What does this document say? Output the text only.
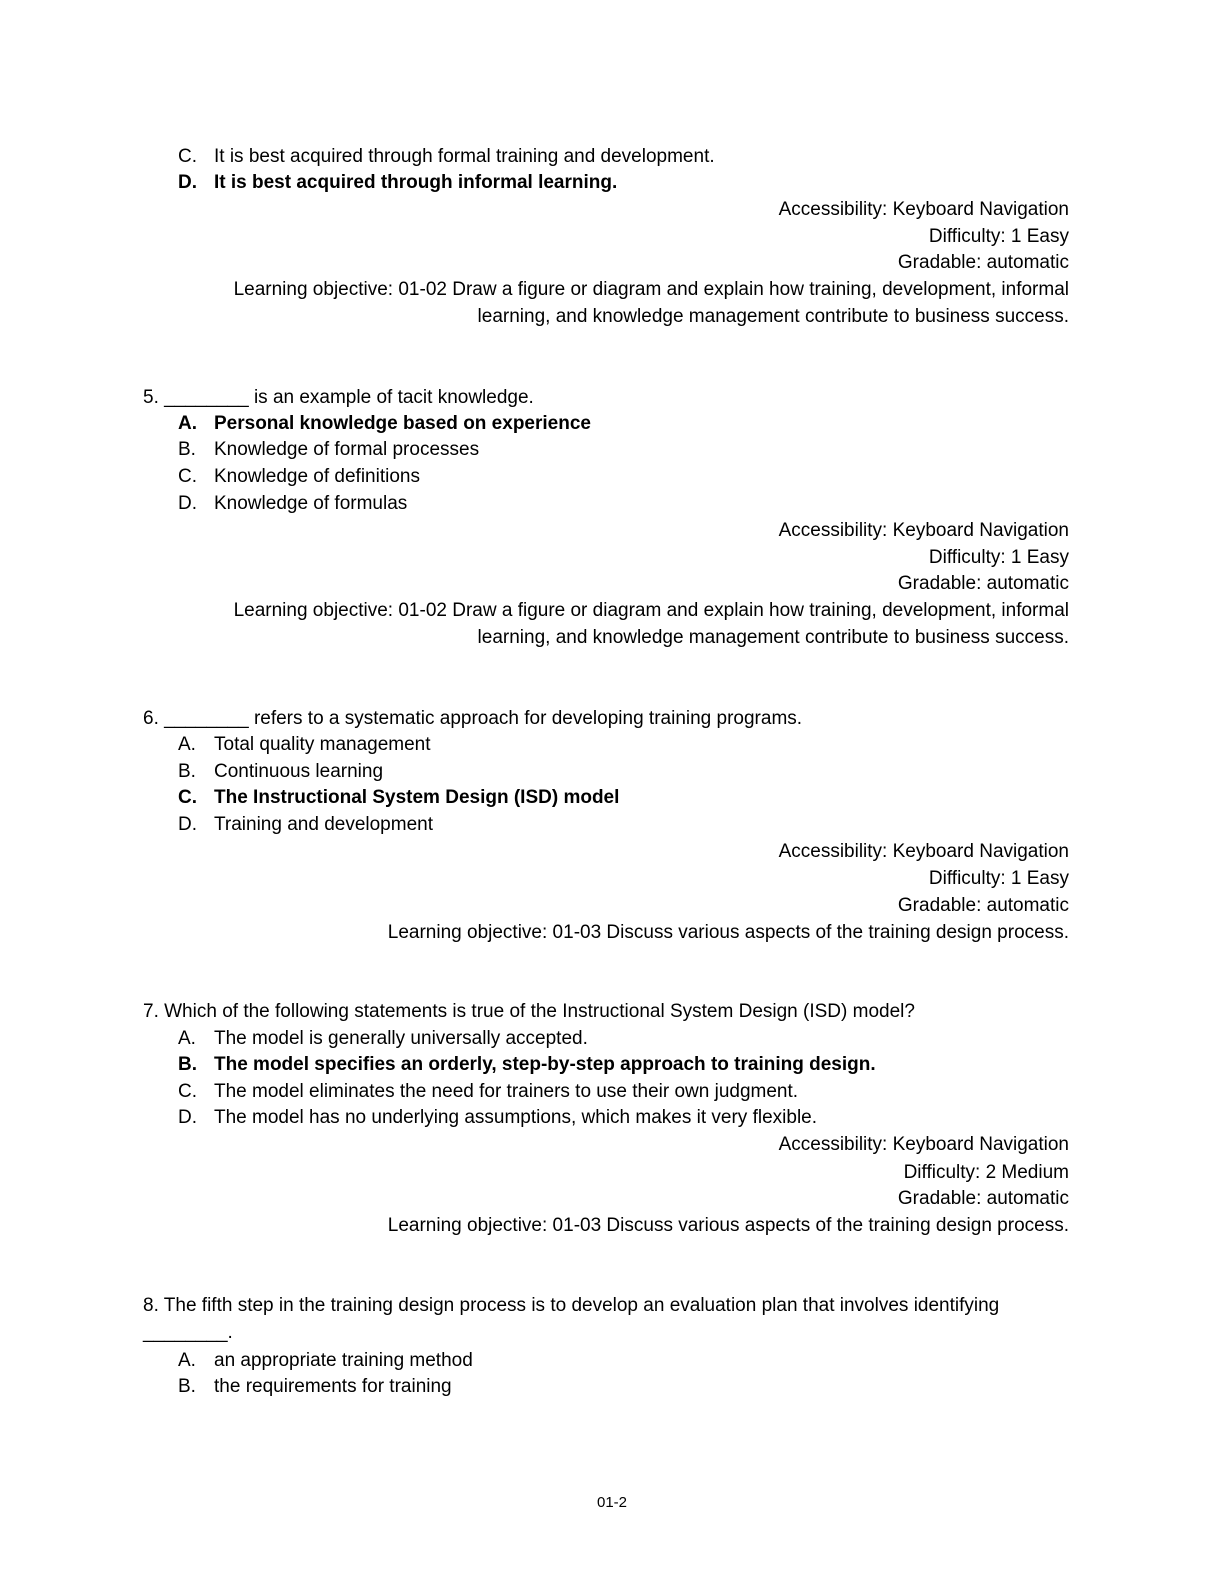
C. It is best acquired through formal training and development.
D. It is best acquired through informal learning.
Accessibility: Keyboard Navigation
Difficulty: 1 Easy
Gradable: automatic
Learning objective: 01-02 Draw a figure or diagram and explain how training, development, informal
learning, and knowledge management contribute to business success.
5. ________ is an example of tacit knowledge.
A. Personal knowledge based on experience
B. Knowledge of formal processes
C. Knowledge of definitions
D. Knowledge of formulas
Accessibility: Keyboard Navigation
Difficulty: 1 Easy
Gradable: automatic
Learning objective: 01-02 Draw a figure or diagram and explain how training, development, informal
learning, and knowledge management contribute to business success.
6. ________ refers to a systematic approach for developing training programs.
A. Total quality management
B. Continuous learning
C. The Instructional System Design (ISD) model
D. Training and development
Accessibility: Keyboard Navigation
Difficulty: 1 Easy
Gradable: automatic
Learning objective: 01-03 Discuss various aspects of the training design process.
7. Which of the following statements is true of the Instructional System Design (ISD) model?
A. The model is generally universally accepted.
B. The model specifies an orderly, step-by-step approach to training design.
C. The model eliminates the need for trainers to use their own judgment.
D. The model has no underlying assumptions, which makes it very flexible.
Accessibility: Keyboard Navigation
Difficulty: 2 Medium
Gradable: automatic
Learning objective: 01-03 Discuss various aspects of the training design process.
8. The fifth step in the training design process is to develop an evaluation plan that involves identifying
________.
A. an appropriate training method
B. the requirements for training
01-2
